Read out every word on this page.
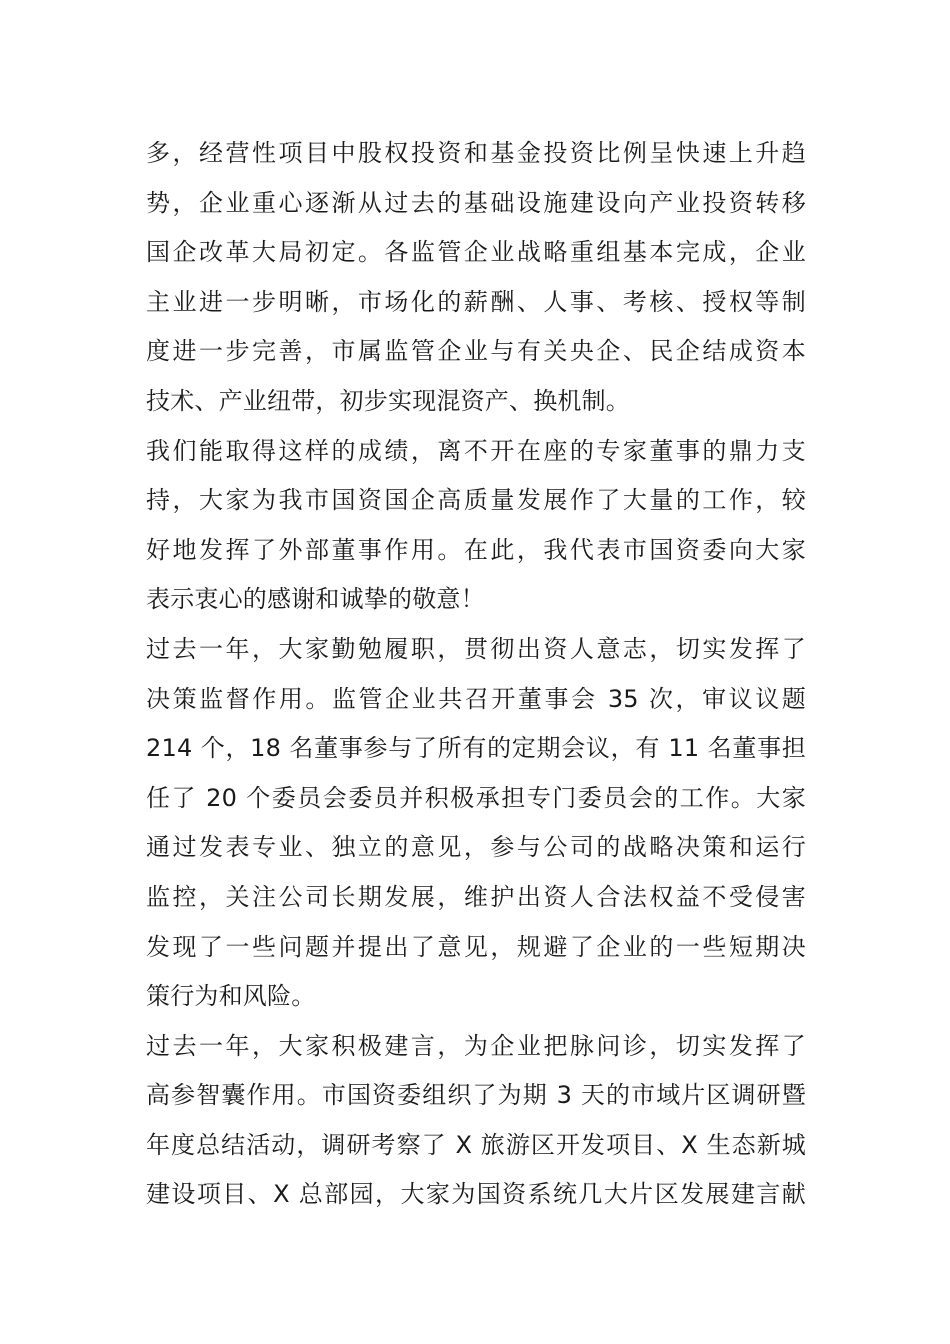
多，经营性项目中股权投资和基金投资比例呈快速上升趋
势，企业重心逐渐从过去的基础设施建设向产业投资转移
国企改革大局初定。各监管企业战略重组基本完成，企业
主业进一步明晰，市场化的薪酬、人事、考核、授权等制
度进一步完善，市属监管企业与有关央企、民企结成资本
技术、产业纽带，初步实现混资产、换机制。
我们能取得这样的成绩，离不开在座的专家董事的鼎力支
持，大家为我市国资国企高质量发展作了大量的工作，较
好地发挥了外部董事作用。在此，我代表市国资委向大家
表示衷心的感谢和诚挚的敬意！
过去一年，大家勤勉履职，贯彻出资人意志，切实发挥了
决策监督作用。监管企业共召开董事会 35 次，审议议题
214 个，18 名董事参与了所有的定期会议，有 11 名董事担
任了 20 个委员会委员并积极承担专门委员会的工作。大家
通过发表专业、独立的意见，参与公司的战略决策和运行
监控，关注公司长期发展，维护出资人合法权益不受侵害
发现了一些问题并提出了意见，规避了企业的一些短期决
策行为和风险。
过去一年，大家积极建言，为企业把脉问诊，切实发挥了
高参智囊作用。市国资委组织了为期 3 天的市域片区调研暨
年度总结活动，调研考察了 X 旅游区开发项目、X 生态新城
建设项目、X 总部园，大家为国资系统几大片区发展建言献
